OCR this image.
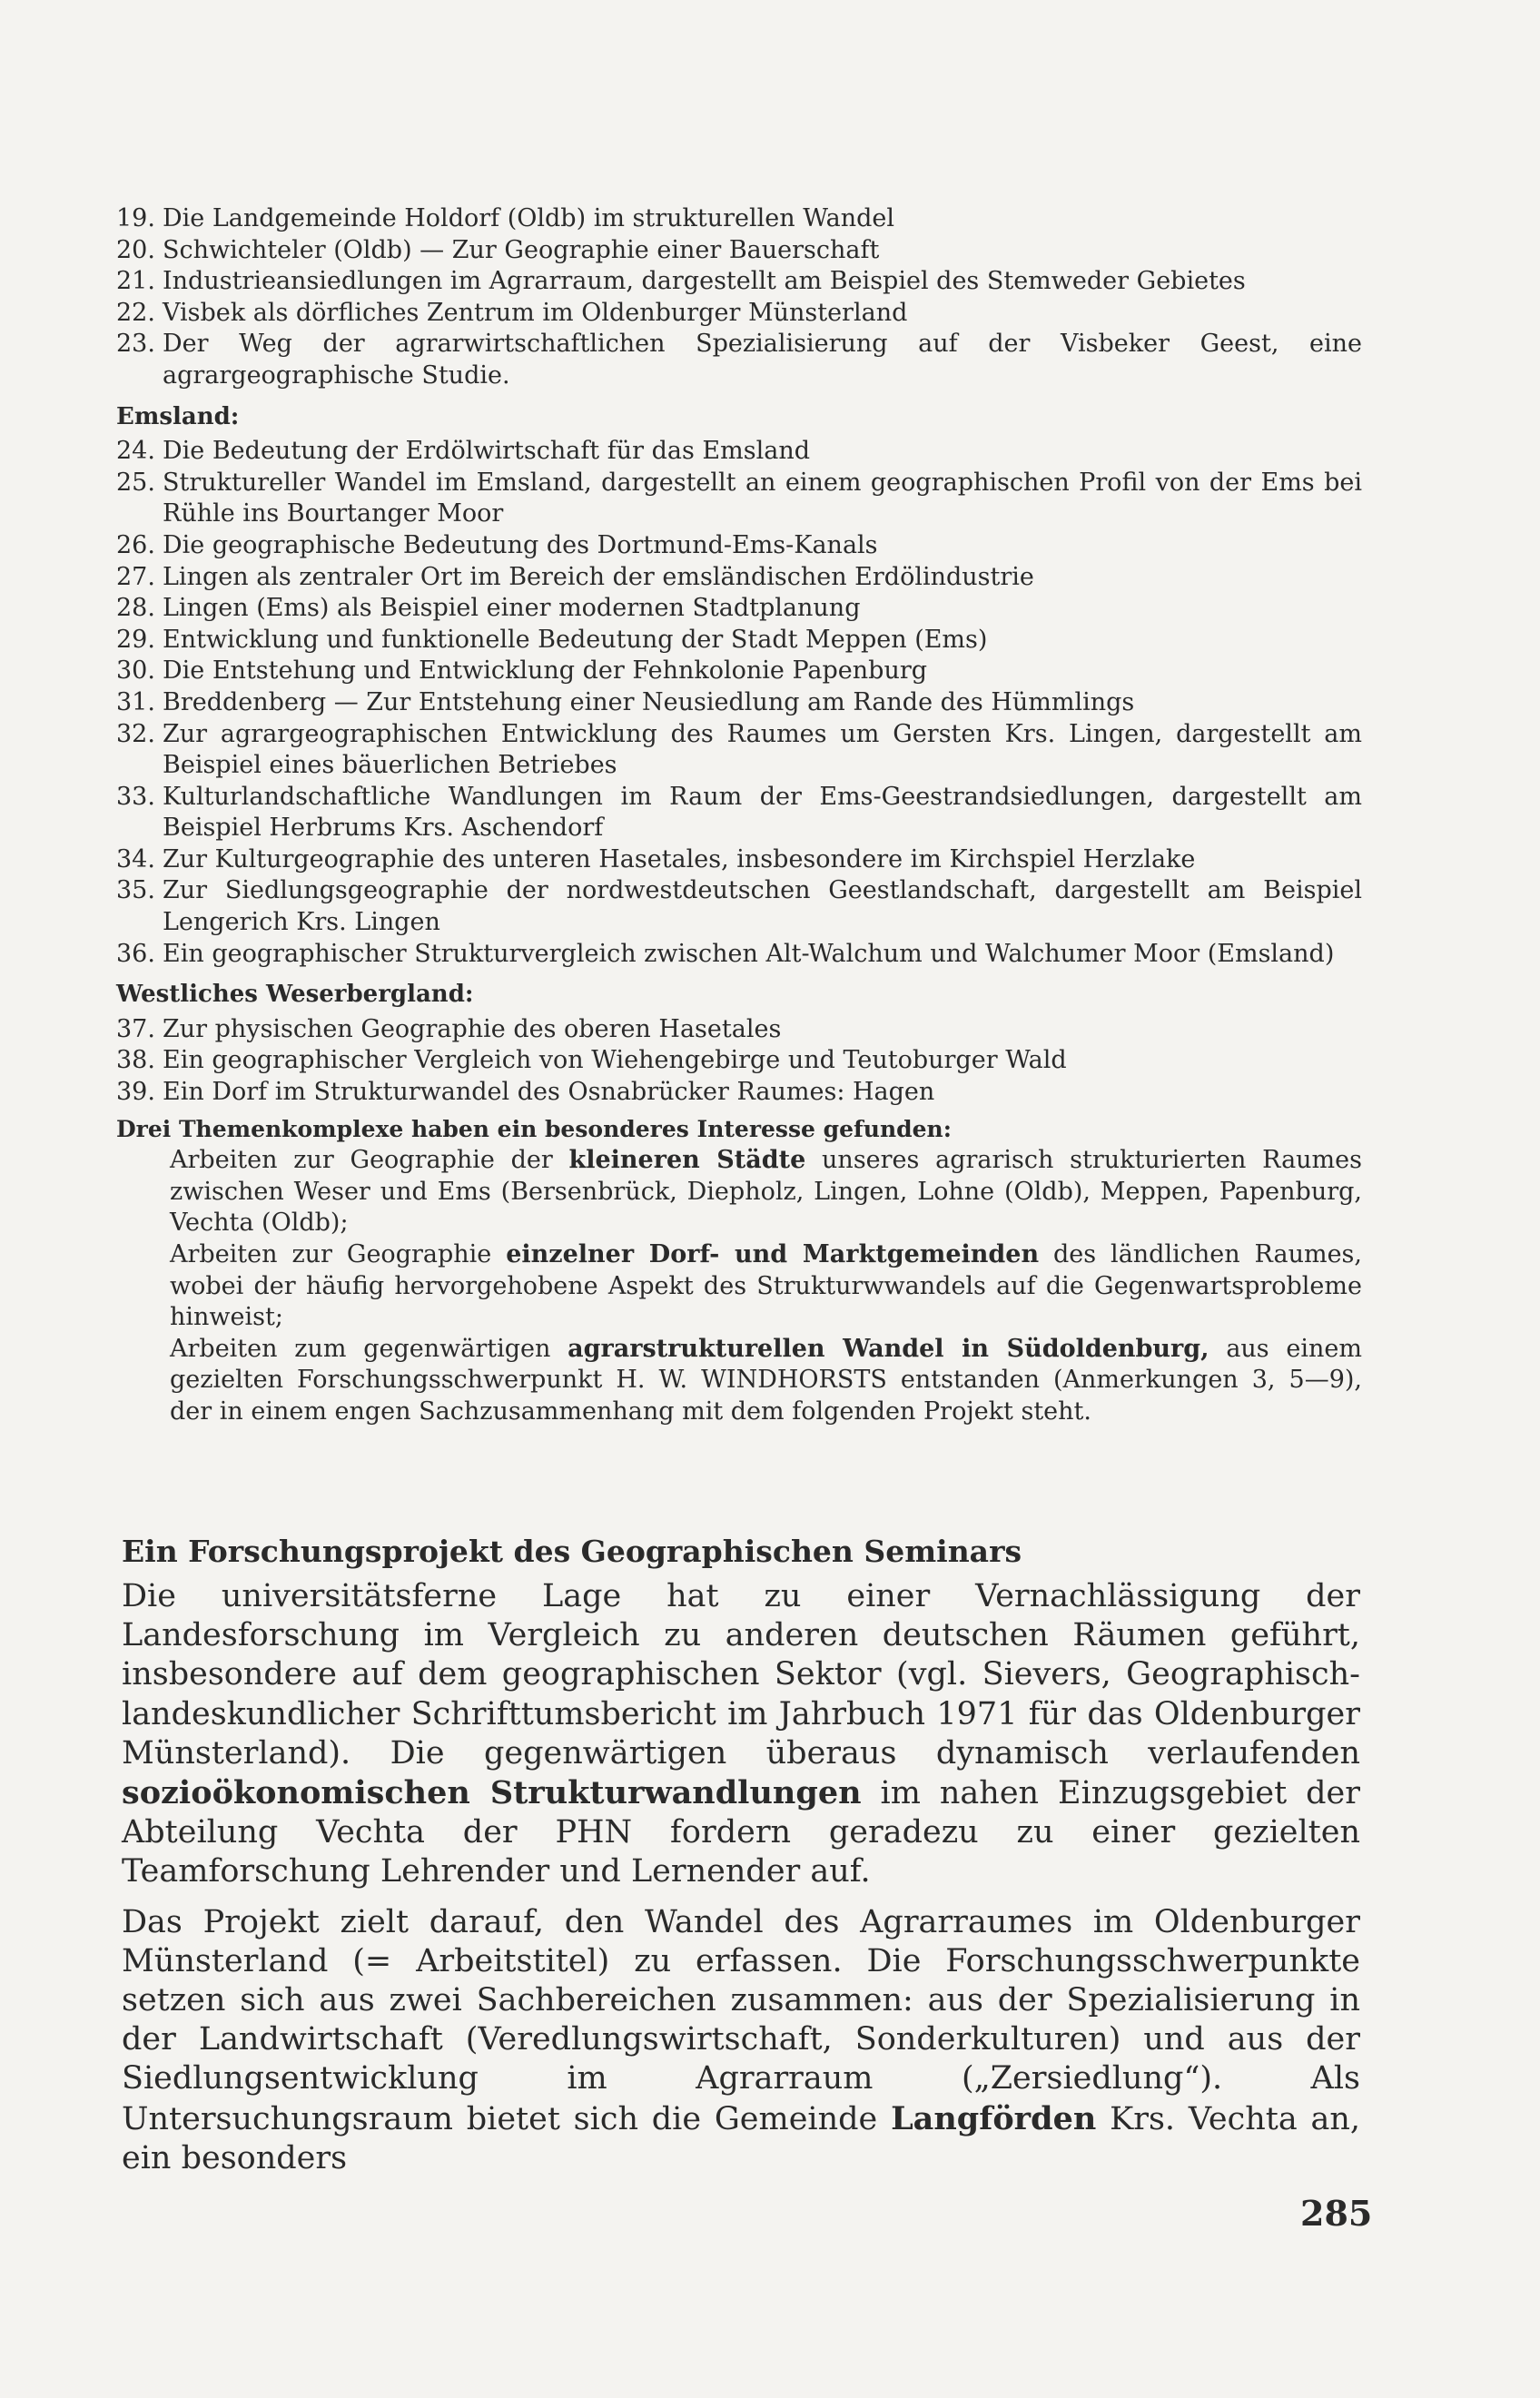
19. Die Landgemeinde Holdorf (Oldb) im strukturellen Wandel
20. Schwichteler (Oldb) — Zur Geographie einer Bauerschaft
21. Industrieansiedlungen im Agrarraum, dargestellt am Beispiel des Stemweder Gebietes
22. Visbek als dörfliches Zentrum im Oldenburger Münsterland
23. Der Weg der agrarwirtschaftlichen Spezialisierung auf der Visbeker Geest, eine agrargeographische Studie.
Emsland:
24. Die Bedeutung der Erdölwirtschaft für das Emsland
25. Struktureller Wandel im Emsland, dargestellt an einem geographischen Profil von der Ems bei Rühle ins Bourtanger Moor
26. Die geographische Bedeutung des Dortmund-Ems-Kanals
27. Lingen als zentraler Ort im Bereich der emsländischen Erdölindustrie
28. Lingen (Ems) als Beispiel einer modernen Stadtplanung
29. Entwicklung und funktionelle Bedeutung der Stadt Meppen (Ems)
30. Die Entstehung und Entwicklung der Fehnkolonie Papenburg
31. Breddenberg — Zur Entstehung einer Neusiedlung am Rande des Hümmlings
32. Zur agrargeographischen Entwicklung des Raumes um Gersten Krs. Lingen, dargestellt am Beispiel eines bäuerlichen Betriebes
33. Kulturlandschaftliche Wandlungen im Raum der Ems-Geestrandsiedlungen, dargestellt am Beispiel Herbrums Krs. Aschendorf
34. Zur Kulturgeographie des unteren Hasetales, insbesondere im Kirchspiel Herzlake
35. Zur Siedlungsgeographie der nordwestdeutschen Geestlandschaft, dargestellt am Beispiel Lengerich Krs. Lingen
36. Ein geographischer Strukturvergleich zwischen Alt-Walchum und Walchumer Moor (Emsland)
Westliches Weserbergland:
37. Zur physischen Geographie des oberen Hasetales
38. Ein geographischer Vergleich von Wiehengebirge und Teutoburger Wald
39. Ein Dorf im Strukturwandel des Osnabrücker Raumes: Hagen
Drei Themenkomplexe haben ein besonderes Interesse gefunden:
Arbeiten zur Geographie der kleineren Städte unseres agrarisch strukturierten Raumes zwischen Weser und Ems (Bersenbrück, Diepholz, Lingen, Lohne (Oldb), Meppen, Papenburg, Vechta (Oldb);
Arbeiten zur Geographie einzelner Dorf- und Marktgemeinden des ländlichen Raumes, wobei der häufig hervorgehobene Aspekt des Strukturwwandels auf die Gegenwartsprobleme hinweist;
Arbeiten zum gegenwärtigen agrarstrukturellen Wandel in Südoldenburg, aus einem gezielten Forschungsschwerpunkt H. W. WINDHORSTS entstanden (Anmerkungen 3, 5—9), der in einem engen Sachzusammenhang mit dem folgenden Projekt steht.
Ein Forschungsprojekt des Geographischen Seminars

Die universitätsferne Lage hat zu einer Vernachlässigung der Landesforschung im Vergleich zu anderen deutschen Räumen geführt, insbesondere auf dem geographischen Sektor (vgl. Sievers, Geographisch-landeskundlicher Schrifttumsbericht im Jahrbuch 1971 für das Oldenburger Münsterland). Die gegenwärtigen überaus dynamisch verlaufenden sozioökonomischen Strukturwandlungen im nahen Einzugsgebiet der Abteilung Vechta der PHN fordern geradezu zu einer gezielten Teamforschung Lehrender und Lernender auf.

Das Projekt zielt darauf, den Wandel des Agrarraumes im Oldenburger Münsterland (= Arbeitstitel) zu erfassen. Die Forschungsschwerpunkte setzen sich aus zwei Sachbereichen zusammen: aus der Spezialisierung in der Landwirtschaft (Veredlungswirtschaft, Sonderkulturen) und aus der Siedlungsentwicklung im Agrarraum („Zersiedlung“). Als Untersuchungsraum bietet sich die Gemeinde Langförden Krs. Vechta an, ein besonders

285
